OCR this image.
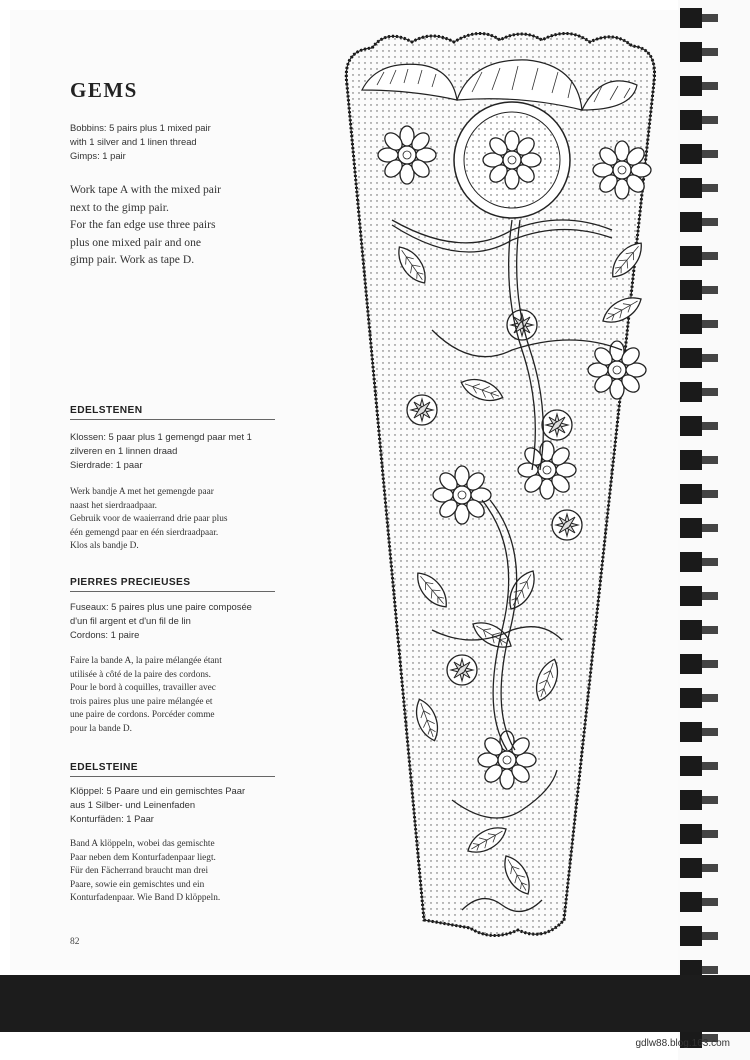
GEMS
Bobbins: 5 pairs plus 1 mixed pair
with 1 silver and 1 linen thread
Gimps: 1 pair
Work tape A with the mixed pair
next to the gimp pair.
For the fan edge use three pairs
plus one mixed pair and one
gimp pair. Work as tape D.
EDELSTENEN
Klossen: 5 paar plus 1 gemengd paar met 1
zilveren en 1 linnen draad
Sierdrade: 1 paar
Werk bandje A met het gemengde paar
naast het sierdraadpaar.
Gebruik voor de waaierrand drie paar plus
één gemengd paar en één sierdraadpaar.
Klos als bandje D.
PIERRES PRECIEUSES
Fuseaux: 5 paires plus une paire composée
d'un fil argent et d'un fil de lin
Cordons: 1 paire
Faire la bande A, la paire mélangée étant
utilisée à côté de la paire des cordons.
Pour le bord à coquilles, travailler avec
trois paires plus une paire mélangée et
une paire de cordons. Porcéder comme
pour la bande D.
EDELSTEINE
Klöppel: 5 Paare und ein gemischtes Paar
aus 1 Silber- und Leinenfaden
Konturfäden: 1 Paar
Band A klöppeln, wobei das gemischte
Paar neben dem Konturfadenpaar liegt.
Für den Fächerrand braucht man drei
Paare, sowie ein gemischtes und ein
Konturfadenpaar. Wie Band D klöppeln.
82
gdlw88.blog.163.com
